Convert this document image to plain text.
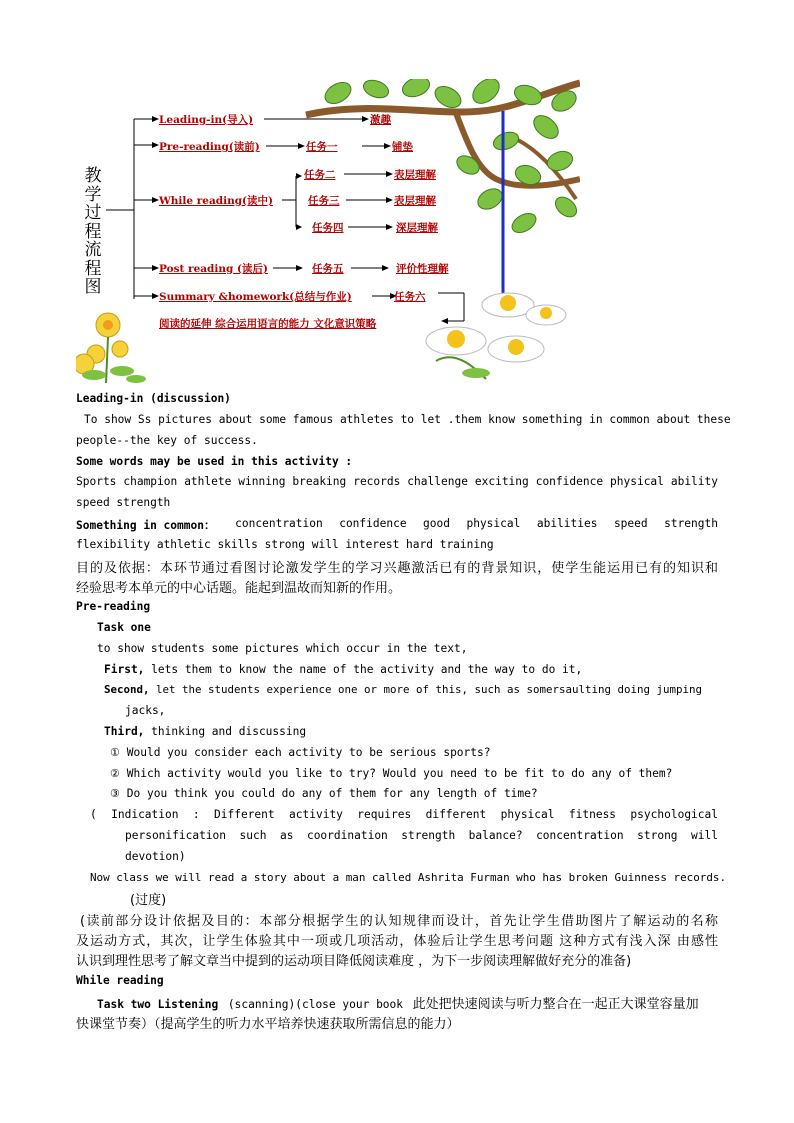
教
学
过
程
流
程
图
Leading-in(导入)
Pre-reading(读前)
While reading(读中)
Post reading (读后)
Summary &homework(总结与作业)
激趣
任务一	铺垫
任务二	表层理解
任务三	表层理解
任务四	深层理解
任务五	评价性理解
任务六
阅读的延伸 综合运用语言的能力 文化意识策略
Leading-in (discussion)
To show Ss pictures about some famous athletes to let .them know something in common about these
people--the key of success.
Some words may be used in this activity :
Sports champion athlete winning breaking records challenge exciting confidence physical ability
speed strength
Something in common： concentration confidence good physical abilities speed strength
flexibility athletic skills strong will interest hard training
目的及依据：本环节通过看图讨论激发学生的学习兴趣激活已有的背景知识，使学生能运用已有的知识和
经验思考本单元的中心话题。能起到温故而知新的作用。
Pre-reading
Task one
to show students some pictures which occur in the text,
First, lets them to know the name of the activity and the way to do it,
Second, let the students experience one or more of this, such as somersaulting doing jumping
jacks,
Third, thinking and discussing
① Would you consider each activity to be serious sports?
② Which activity would you like to try? Would you need to be fit to do any of them?
③ Do you think you could do any of them for any length of time?
( Indication : Different activity requires different physical fitness psychological
personification such as coordination strength balance? concentration strong will
devotion)
Now class we will read a story about a man called Ashrita Furman who has broken Guinness records.
(过度)
(读前部分设计依据及目的：本部分根据学生的认知规律而设计，首先让学生借助图片了解运动的名称
及运动方式，其次，让学生体验其中一项或几项活动，体验后让学生思考问题 这种方式有浅入深 由感性
认识到理性思考了解文章当中提到的运动项目降低阅读难度 ，为下一步阅读理解做好充分的准备)
While reading
Task two Listening (scanning)(close your book 此处把快速阅读与听力整合在一起正大课堂容量加
快课堂节奏）（提高学生的听力水平培养快速获取所需信息的能力）
